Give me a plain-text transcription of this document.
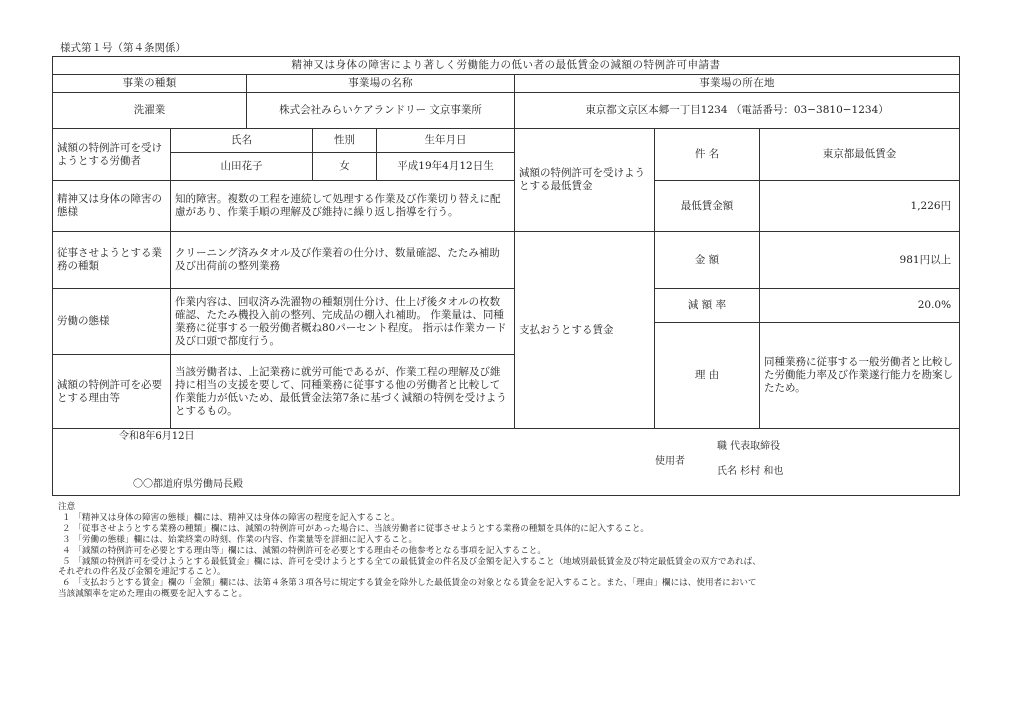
様式第１号（第４条関係）
精神又は身体の障害により著しく労働能力の低い者の最低賃金の減額の特例許可申請書							
事業の種類		事業場の名称			事業場の所在地		
洗濯業		株式会社みらいケアランドリー 文京事業所			東京都文京区本郷一丁目1234 （電話番号：03−3810−1234）		
減額の特例許可を受けようとする労働者	氏名		性別	生年月日	減額の特例許可を受けようとする最低賃金	件 名	東京都最低賃金
	山田花子		女	平成19年4月12日生			
精神又は身体の障害の態様	知的障害。複数の工程を連続して処理する作業及び作業切り替えに配慮があり、作業手順の理解及び維持に繰り返し指導を行う。					最低賃金額	1,226円
従事させようとする業務の種類	クリーニング済みタオル及び作業着の仕分け、数量確認、たたみ補助及び出荷前の整列業務				支払おうとする賃金	金 額	981円以上
労働の態様	作業内容は、回収済み洗濯物の種類別仕分け、仕上げ後タオルの枚数確認、たたみ機投入前の整列、完成品の棚入れ補助。 作業量は、同種業務に従事する一般労働者概ね80パーセント程度。 指示は作業カード及び口頭で都度行う。					減 額 率	20.0%
						理 由	同種業務に従事する一般労働者と比較した労働能力率及び作業遂行能力を勘案したため。
減額の特例許可を必要とする理由等	当該労働者は、上記業務に就労可能であるが、作業工程の理解及び維持に相当の支援を要して、同種業務に従事する他の労働者と比較して作業能力が低いため、最低賃金法第7条に基づく減額の特例を受けようとするもの。						

令和8年6月12日
〇〇都道府県労働局長殿
使用者
職 代表取締役
氏名 杉村 和也							
注意
１ 「精神又は身体の障害の態様」欄には、精神又は身体の障害の程度を記入すること。
２ 「従事させようとする業務の種類」欄には、減額の特例許可があった場合に、当該労働者に従事させようとする業務の種類を具体的に記入すること。
３ 「労働の態様」欄には、始業終業の時刻、作業の内容、作業量等を詳細に記入すること。
４ 「減額の特例許可を必要とする理由等」欄には、減額の特例許可を必要とする理由その他参考となる事項を記入すること。
５ 「減額の特例許可を受けようとする最低賃金」欄には、許可を受けようとする全ての最低賃金の件名及び金額を記入すること（地域別最低賃金及び特定最低賃金の双方であれば、
それぞれの件名及び金額を連記すること）。
６ 「支払おうとする賃金」欄の「金額」欄には、法第４条第３項各号に規定する賃金を除外した最低賃金の対象となる賃金を記入すること。また、「理由」欄には、使用者において
当該減額率を定めた理由の概要を記入すること。
